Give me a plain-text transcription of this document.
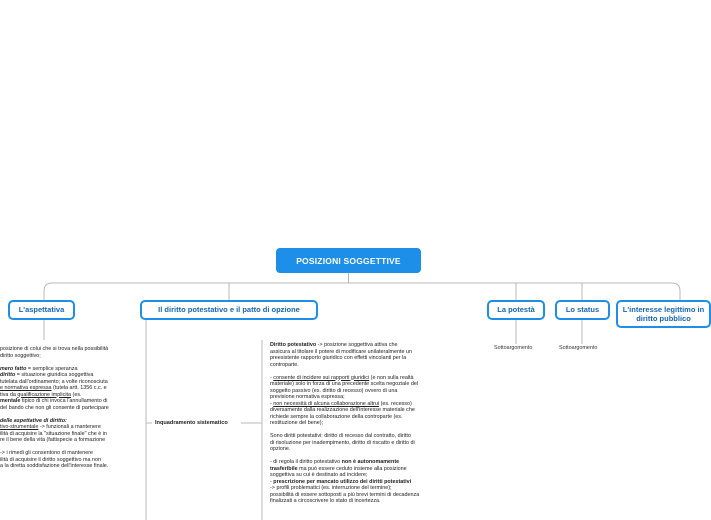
POSIZIONI SOGGETTIVE
L'aspettativa	Il diritto potestativo e il patto di opzione	La potestà	Lo status	L'interesse legittimo in diritto pubblico
Sottoargomento	Sottoargomento
Inquadramento sistematico

posizione di colui che si trova nella possibilità

diritto soggettivo;

mero fatto = semplice speranza

diritto = situazione giuridica soggettiva

tutelata dall'ordinamento; a volte riconosciuta

e normativa espressa (tutela artt. 1356 c.c. e

tiva da qualificazione implicita (es.

mentale tipico di chi invoca l'annullamento di

del bando che non gli consente di partecipare

delle aspettative di diritto:

tivo-strumentale -> funzionali a mantenere

ilità di acquisire la "situazione finale" che è in

re il bene della vita (fattispecie a formazione

-> i rimedi gli consentono di mantenere

ilità di acquisire il diritto soggettivo ma non

a la diretta soddisfazione dell'interesse finale.

Diritto potestativo -> posizione soggettiva attiva che

assicura al titolare il potere di modificare unilateralmente un

preesistente rapporto giuridico con effetti vincolanti per la

controparte.

- consente di incidere sui rapporti giuridici (e non sulla realtà

materiale) solo in forza di una precedente scelta negoziale del

soggetto passivo (es. diritto di recesso) ovvero di una

previsione normativa espressa;

- non necessità di alcuna collaborazione altrui (es. recesso)

diversamente dalla realizzazione dell'interesse materiale che

richiede sempre la collaborazione della controparte (es.

restituzione del bene);

Sono diritti potestativi: diritto di recesso dal contratto, diritto

di risoluzione per inadempimento, diritto di riscatto e diritto di

opzione.

- di regola il diritto potestativo non è autonomamente

trasferibile ma può essere ceduto insieme alla posizione

soggettiva su cui è destinato ad incidere;

- prescrizione per mancato utilizzo dei diritti potestativi

-> profili problematici (es. interruzione del termine);

possibilità di essere sottoposti a più brevi termini di decadenza

finalizzati a circoscrivere lo stato di incertezza.
